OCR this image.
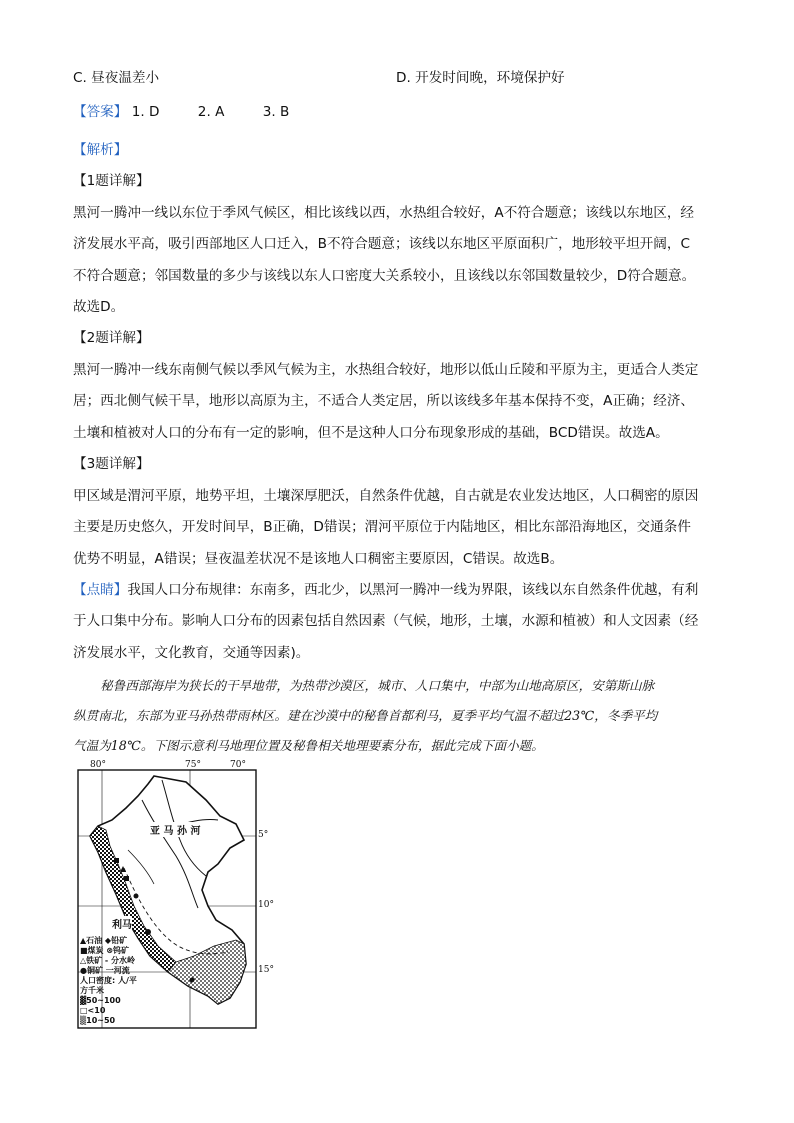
C. 昼夜温差小	D. 开发时间晚，环境保护好
【答案】 1. D	2. A	3. B
【解析】
【1题详解】
黑河一腾冲一线以东位于季风气候区，相比该线以西，水热组合较好，A不符合题意；该线以东地区，经
济发展水平高，吸引西部地区人口迁入，B不符合题意；该线以东地区平原面积广，地形较平坦开阔，C
不符合题意；邻国数量的多少与该线以东人口密度大关系较小，且该线以东邻国数量较少，D符合题意。
故选D。
【2题详解】
黑河一腾冲一线东南侧气候以季风气候为主，水热组合较好，地形以低山丘陵和平原为主，更适合人类定
居；西北侧气候干旱，地形以高原为主，不适合人类定居，所以该线多年基本保持不变，A正确；经济、
土壤和植被对人口的分布有一定的影响，但不是这种人口分布现象形成的基础，BCD错误。故选A。
【3题详解】
甲区域是渭河平原，地势平坦，土壤深厚肥沃，自然条件优越，自古就是农业发达地区，人口稠密的原因
主要是历史悠久，开发时间早，B正确，D错误；渭河平原位于内陆地区，相比东部沿海地区，交通条件
优势不明显，A错误；昼夜温差状况不是该地人口稠密主要原因，C错误。故选B。
【点睛】我国人口分布规律：东南多，西北少，以黑河一腾冲一线为界限，该线以东自然条件优越，有利
于人口集中分布。影响人口分布的因素包括自然因素（气候，地形，土壤，水源和植被）和人文因素（经
济发展水平，文化教育，交通等因素)。
秘鲁西部海岸为狭长的干旱地带，为热带沙漠区，城市、人口集中，中部为山地高原区，安第斯山脉
纵贯南北，东部为亚马孙热带雨林区。建在沙漠中的秘鲁首都利马，夏季平均气温不超过23℃，冬季平均
气温为18℃。下图示意利马地理位置及秘鲁相关地理要素分布，据此完成下面小题。
80°	75°	70°
5°
10°
15°
亚 马 孙 河
利马
▲石油 ◆铅矿
■煤炭 ⊗钨矿
△铁矿 - 分水岭
●铜矿 一河流
人口密度: 人/平方千米
▓50~100 □<10
▒10~50
